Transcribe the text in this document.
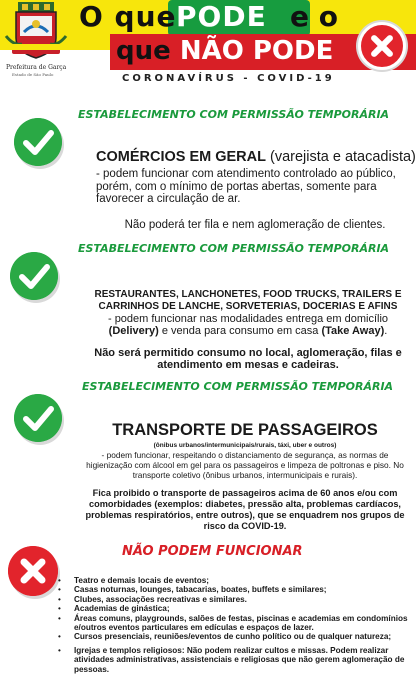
Prefeitura de Garça
Estado de São Paulo
O que PODE e o
que NÃO PODE
CORONAVÍRUS - COVID-19
ESTABELECIMENTO COM PERMISSÃO TEMPORÁRIA
COMÉRCIOS EM GERAL (varejista e atacadista)
- podem funcionar com atendimento controlado ao público, porém, com o mínimo de portas abertas, somente para favorecer a circulação de ar.
Não poderá ter fila e nem aglomeração de clientes.
ESTABELECIMENTO COM PERMISSÃO TEMPORÁRIA
RESTAURANTES, LANCHONETES, FOOD TRUCKS, TRAILERS E CARRINHOS DE LANCHE, SORVETERIAS, DOCERIAS E AFINS
- podem funcionar nas modalidades entrega em domicílio (Delivery) e venda para consumo em casa (Take Away).
Não será permitido consumo no local, aglomeração, filas e atendimento em mesas e cadeiras.
ESTABELECIMENTO COM PERMISSÃO TEMPORÁRIA
TRANSPORTE DE PASSAGEIROS
(ônibus urbanos/intermunicipais/rurais, táxi, uber e outros)
- podem funcionar, respeitando o distanciamento de segurança, as normas de higienização com álcool em gel para os passageiros e limpeza de poltronas e piso. No transporte coletivo (ônibus urbanos, intermunicipais e rurais).
Fica proibido o transporte de passageiros acima de 60 anos e/ou com comorbidades (exemplos: diabetes, pressão alta, problemas cardíacos, problemas respiratórios, entre outros), que se enquadrem nos grupos de risco da COVID-19.
NÃO PODEM FUNCIONAR
• Teatro e demais locais de eventos;
• Casas noturnas, lounges, tabacarias, boates, buffets e similares;
• Clubes, associações recreativas e similares.
• Academias de ginástica;
• Áreas comuns, playgrounds, salões de festas, piscinas e academias em condomínios e/outros eventos particulares em edículas e espaços de lazer.
• Cursos presenciais, reuniões/eventos de cunho político ou de qualquer natureza;
• Igrejas e templos religiosos: Não podem realizar cultos e missas. Podem realizar atividades administrativas, assistenciais e religiosas que não gerem aglomeração de pessoas.
